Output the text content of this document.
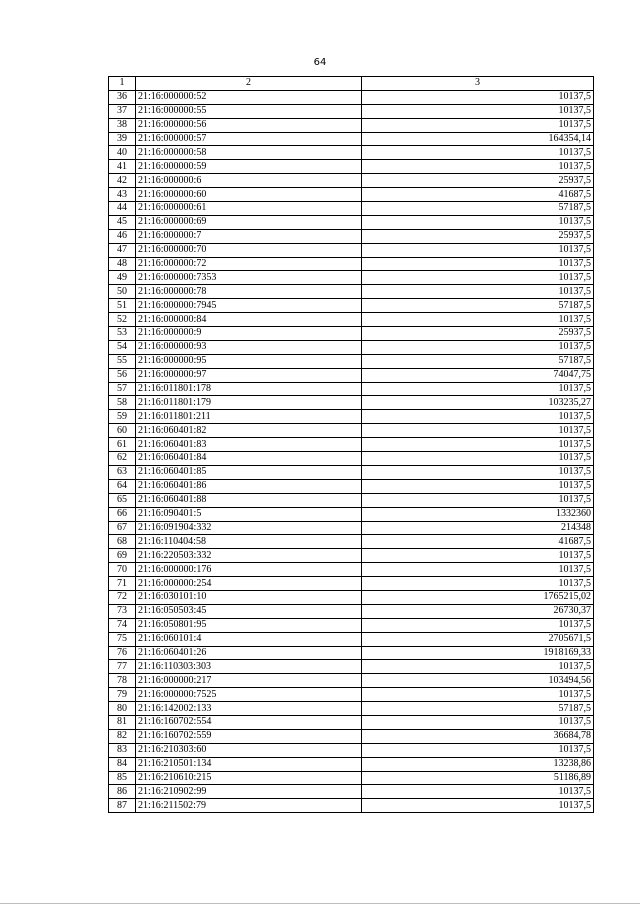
64
1	2	3
36	21:16:000000:52	10137,5
37	21:16:000000:55	10137,5
38	21:16:000000:56	10137,5
39	21:16:000000:57	164354,14
40	21:16:000000:58	10137,5
41	21:16:000000:59	10137,5
42	21:16:000000:6	25937,5
43	21:16:000000:60	41687,5
44	21:16:000000:61	57187,5
45	21:16:000000:69	10137,5
46	21:16:000000:7	25937,5
47	21:16:000000:70	10137,5
48	21:16:000000:72	10137,5
49	21:16:000000:7353	10137,5
50	21:16:000000:78	10137,5
51	21:16:000000:7945	57187,5
52	21:16:000000:84	10137,5
53	21:16:000000:9	25937,5
54	21:16:000000:93	10137,5
55	21:16:000000:95	57187,5
56	21:16:000000:97	74047,75
57	21:16:011801:178	10137,5
58	21:16:011801:179	103235,27
59	21:16:011801:211	10137,5
60	21:16:060401:82	10137,5
61	21:16:060401:83	10137,5
62	21:16:060401:84	10137,5
63	21:16:060401:85	10137,5
64	21:16:060401:86	10137,5
65	21:16:060401:88	10137,5
66	21:16:090401:5	1332360
67	21:16:091904:332	214348
68	21:16:110404:58	41687,5
69	21:16:220503:332	10137,5
70	21:16:000000:176	10137,5
71	21:16:000000:254	10137,5
72	21:16:030101:10	1765215,02
73	21:16:050503:45	26730,37
74	21:16:050801:95	10137,5
75	21:16:060101:4	2705671,5
76	21:16:060401:26	1918169,33
77	21:16:110303:303	10137,5
78	21:16:000000:217	103494,56
79	21:16:000000:7525	10137,5
80	21:16:142002:133	57187,5
81	21:16:160702:554	10137,5
82	21:16:160702:559	36684,78
83	21:16:210303:60	10137,5
84	21:16:210501:134	13238,86
85	21:16:210610:215	51186,89
86	21:16:210902:99	10137,5
87	21:16:211502:79	10137,5
